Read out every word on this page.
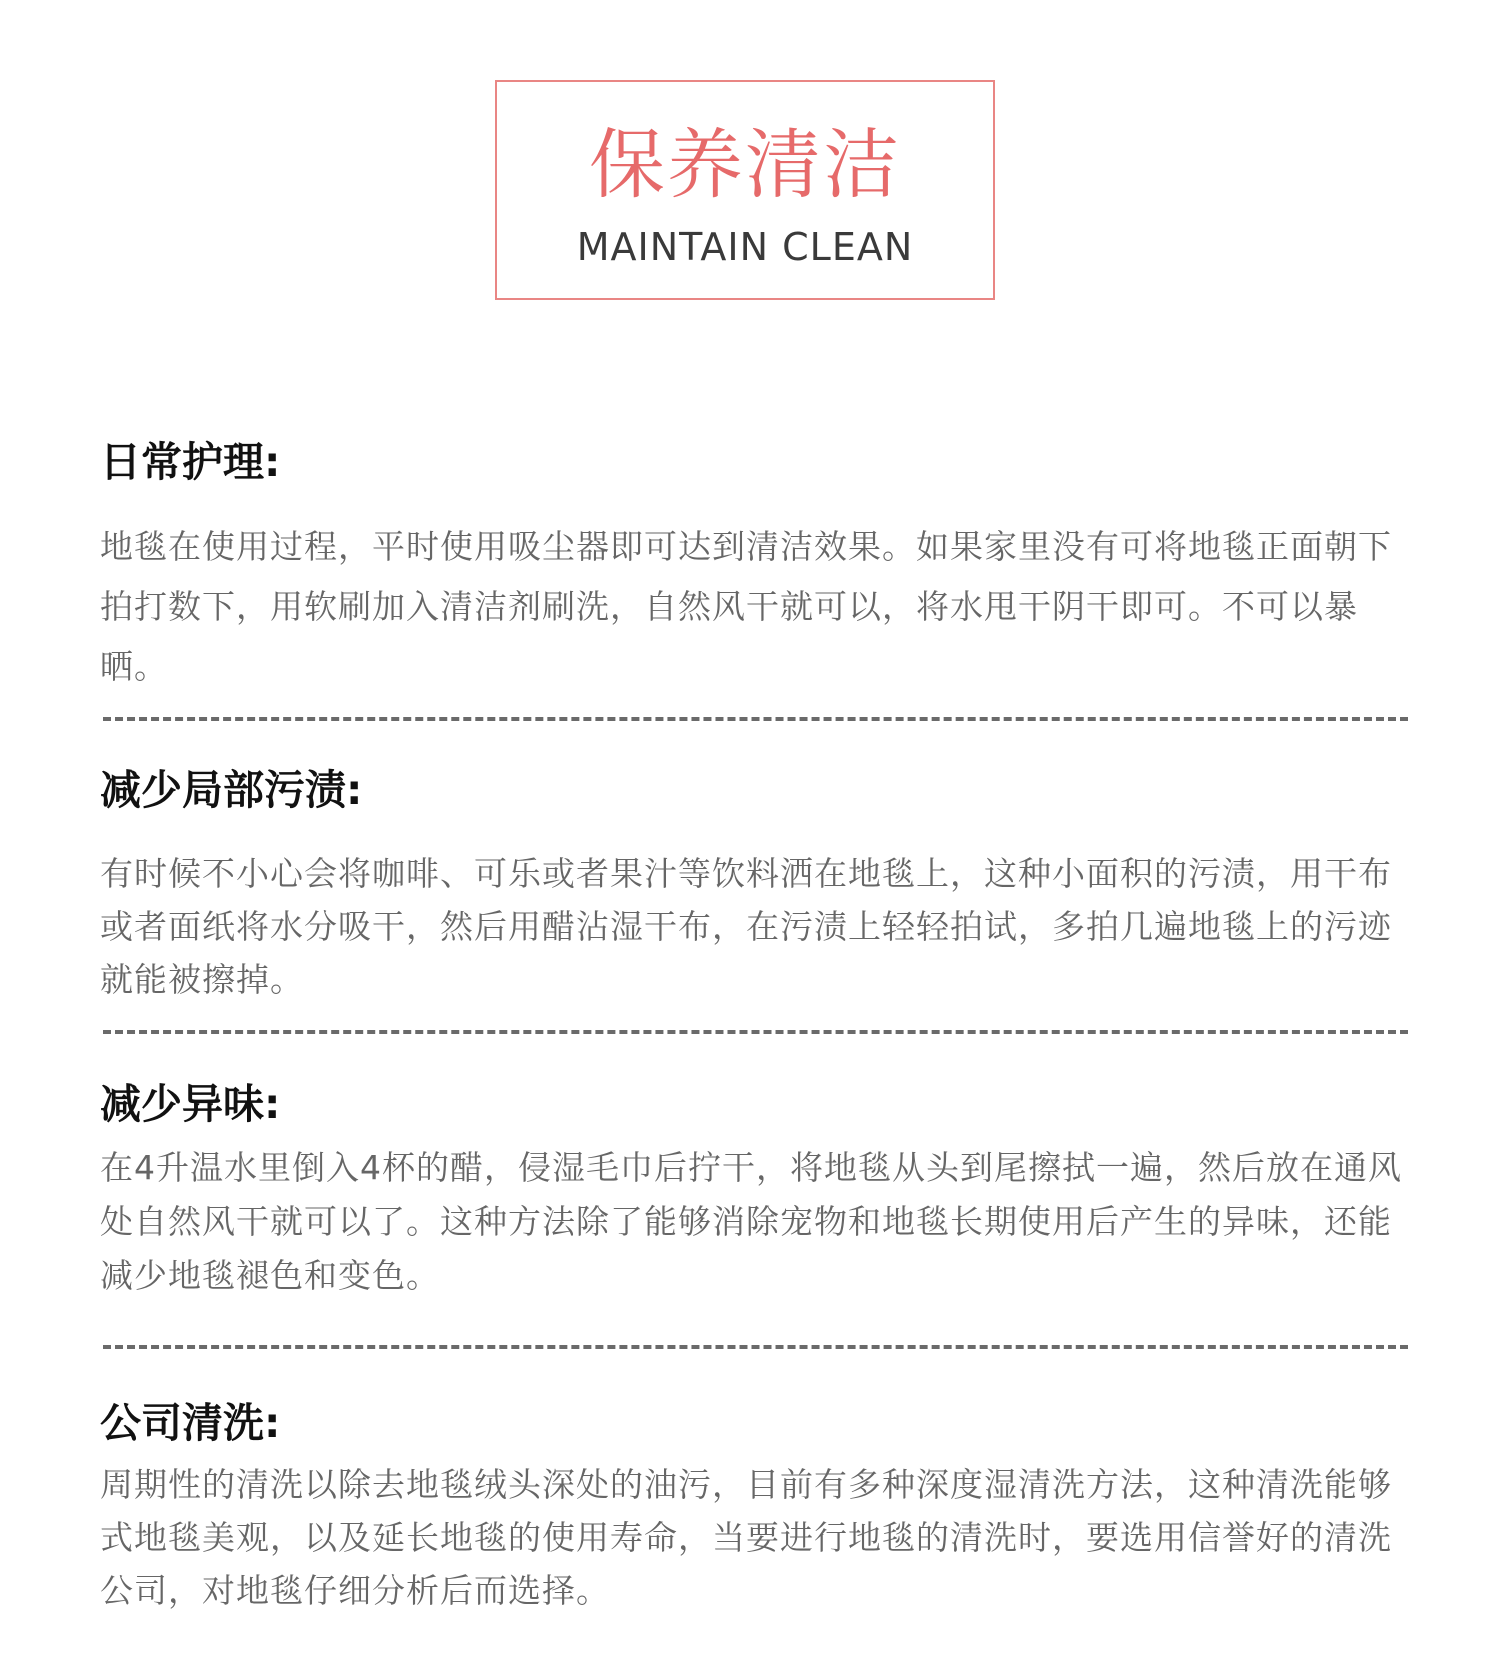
保养清洁
MAINTAIN CLEAN
日常护理:

地毯在使用过程，平时使用吸尘器即可达到清洁效果。如果家里没有可将地毯正面朝下拍打数下，用软刷加入清洁剂刷洗，自然风干就可以，将水甩干阴干即可。不可以暴晒。

减少局部污渍:

有时候不小心会将咖啡、可乐或者果汁等饮料洒在地毯上，这种小面积的污渍，用干布或者面纸将水分吸干，然后用醋沾湿干布，在污渍上轻轻拍试，多拍几遍地毯上的污迹就能被擦掉。

减少异味:

在4升温水里倒入4杯的醋，侵湿毛巾后拧干，将地毯从头到尾擦拭一遍，然后放在通风处自然风干就可以了。这种方法除了能够消除宠物和地毯长期使用后产生的异味，还能减少地毯褪色和变色。

公司清洗:

周期性的清洗以除去地毯绒头深处的油污，目前有多种深度湿清洗方法，这种清洗能够式地毯美观，以及延长地毯的使用寿命，当要进行地毯的清洗时，要选用信誉好的清洗公司，对地毯仔细分析后而选择。
